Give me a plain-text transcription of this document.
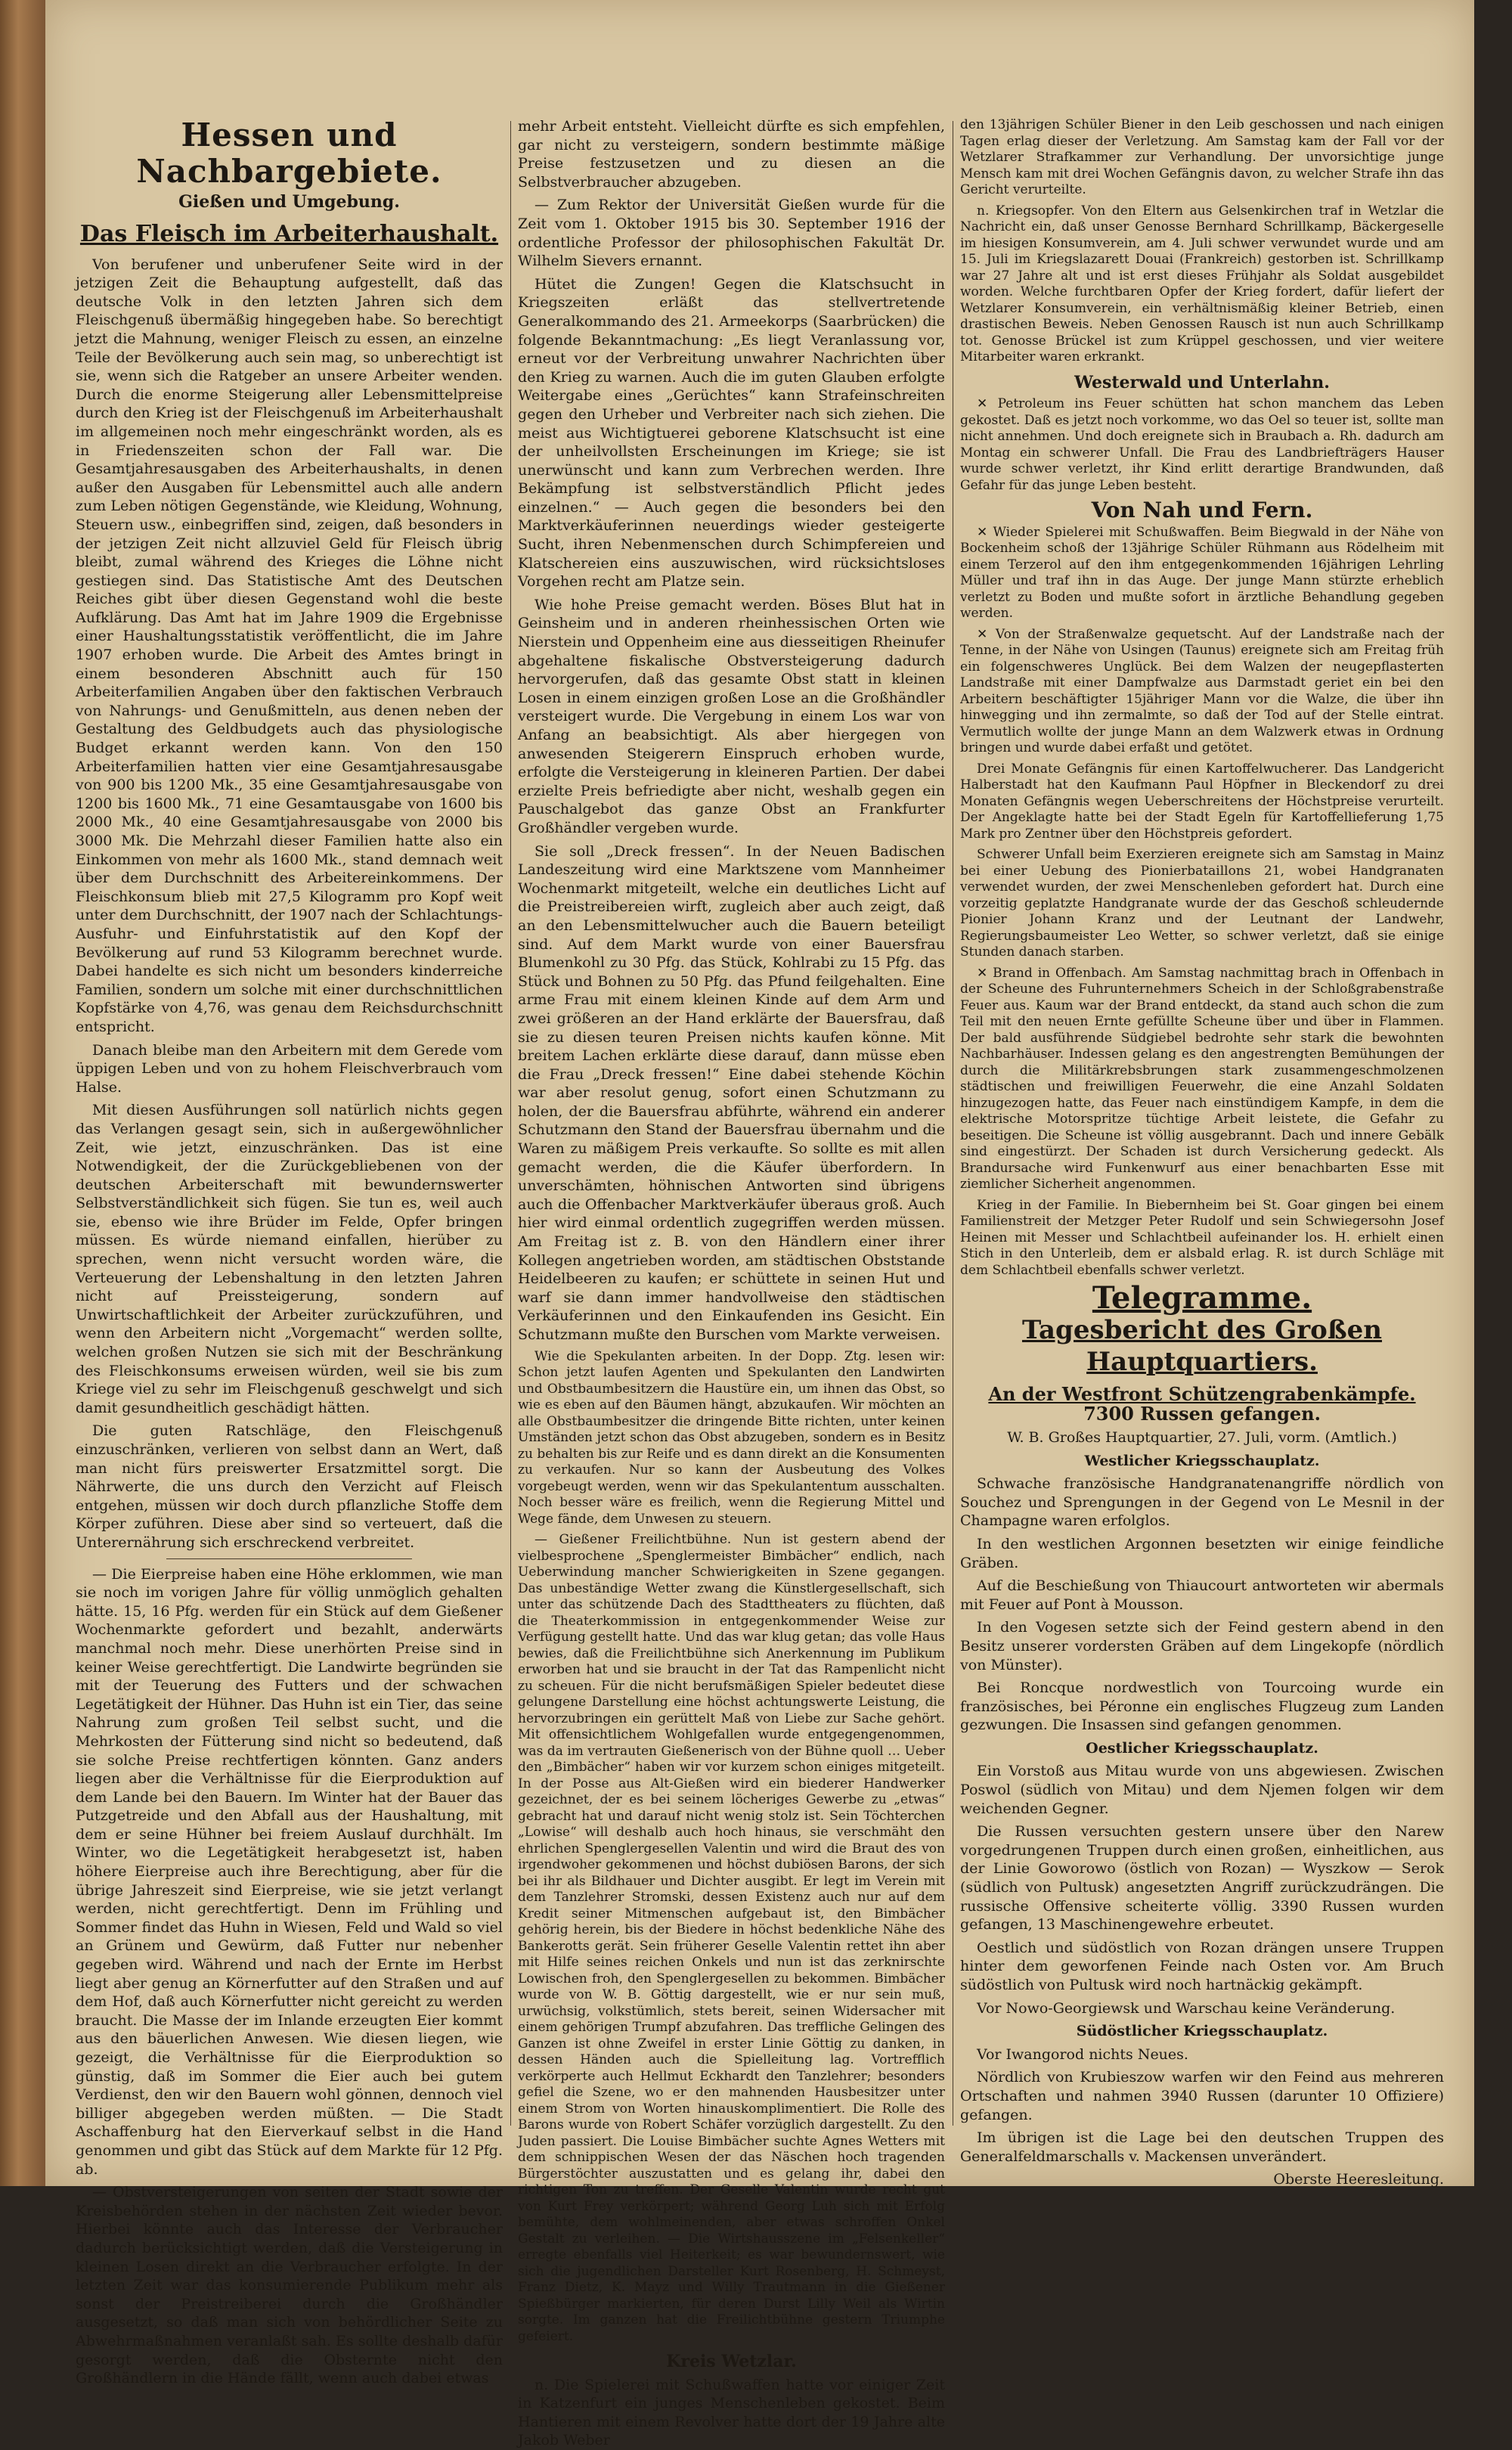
Hessen und Nachbargebiete.
Gießen und Umgebung.
Das Fleisch im Arbeiterhaushalt.

Von berufener und unberufener Seite wird in der jetzigen Zeit die Behauptung aufgestellt, daß das deutsche Volk in den letzten Jahren sich dem Fleischgenuß übermäßig hingegeben habe. So berechtigt jetzt die Mahnung, weniger Fleisch zu essen, an einzelne Teile der Bevölkerung auch sein mag, so unberechtigt ist sie, wenn sich die Ratgeber an unsere Arbeiter wenden. Durch die enorme Steigerung aller Lebensmittelpreise durch den Krieg ist der Fleischgenuß im Arbeiterhaushalt im allgemeinen noch mehr eingeschränkt worden, als es in Friedenszeiten schon der Fall war. Die Gesamtjahresausgaben des Arbeiterhaushalts, in denen außer den Ausgaben für Lebensmittel auch alle andern zum Leben nötigen Gegenstände, wie Kleidung, Wohnung, Steuern usw., einbegriffen sind, zeigen, daß besonders in der jetzigen Zeit nicht allzuviel Geld für Fleisch übrig bleibt, zumal während des Krieges die Löhne nicht gestiegen sind. Das Statistische Amt des Deutschen Reiches gibt über diesen Gegenstand wohl die beste Aufklärung. Das Amt hat im Jahre 1909 die Ergebnisse einer Haushaltungsstatistik veröffentlicht, die im Jahre 1907 erhoben wurde. Die Arbeit des Amtes bringt in einem besonderen Abschnitt auch für 150 Arbeiterfamilien Angaben über den faktischen Verbrauch von Nahrungs- und Genußmitteln, aus denen neben der Gestaltung des Geldbudgets auch das physiologische Budget erkannt werden kann. Von den 150 Arbeiterfamilien hatten vier eine Gesamtjahresausgabe von 900 bis 1200 Mk., 35 eine Gesamtjahresausgabe von 1200 bis 1600 Mk., 71 eine Gesamtausgabe von 1600 bis 2000 Mk., 40 eine Gesamtjahresausgabe von 2000 bis 3000 Mk. Die Mehrzahl dieser Familien hatte also ein Einkommen von mehr als 1600 Mk., stand demnach weit über dem Durchschnitt des Arbeitereinkommens. Der Fleischkonsum blieb mit 27,5 Kilogramm pro Kopf weit unter dem Durchschnitt, der 1907 nach der Schlachtungs-Ausfuhr- und Einfuhrstatistik auf den Kopf der Bevölkerung auf rund 53 Kilogramm berechnet wurde. Dabei handelte es sich nicht um besonders kinderreiche Familien, sondern um solche mit einer durchschnittlichen Kopfstärke von 4,76, was genau dem Reichsdurchschnitt entspricht.

Danach bleibe man den Arbeitern mit dem Gerede vom üppigen Leben und von zu hohem Fleischverbrauch vom Halse.

Mit diesen Ausführungen soll natürlich nichts gegen das Verlangen gesagt sein, sich in außergewöhnlicher Zeit, wie jetzt, einzuschränken. Das ist eine Notwendigkeit, der die Zurückgebliebenen von der deutschen Arbeiterschaft mit bewundernswerter Selbstverständlichkeit sich fügen. Sie tun es, weil auch sie, ebenso wie ihre Brüder im Felde, Opfer bringen müssen. Es würde niemand einfallen, hierüber zu sprechen, wenn nicht versucht worden wäre, die Verteuerung der Lebenshaltung in den letzten Jahren nicht auf Preissteigerung, sondern auf Unwirtschaftlichkeit der Arbeiter zurückzuführen, und wenn den Arbeitern nicht „Vorgemacht“ werden sollte, welchen großen Nutzen sie sich mit der Beschränkung des Fleischkonsums erweisen würden, weil sie bis zum Kriege viel zu sehr im Fleischgenuß geschwelgt und sich damit gesundheitlich geschädigt hätten.

Die guten Ratschläge, den Fleischgenuß einzuschränken, verlieren von selbst dann an Wert, daß man nicht fürs preiswerter Ersatzmittel sorgt. Die Nährwerte, die uns durch den Verzicht auf Fleisch entgehen, müssen wir doch durch pflanzliche Stoffe dem Körper zuführen. Diese aber sind so verteuert, daß die Unterernährung sich erschreckend verbreitet.

— Die Eierpreise haben eine Höhe erklommen, wie man sie noch im vorigen Jahre für völlig unmöglich gehalten hätte. 15, 16 Pfg. werden für ein Stück auf dem Gießener Wochenmarkte gefordert und bezahlt, anderwärts manchmal noch mehr. Diese unerhörten Preise sind in keiner Weise gerechtfertigt. Die Landwirte begründen sie mit der Teuerung des Futters und der schwachen Legetätigkeit der Hühner. Das Huhn ist ein Tier, das seine Nahrung zum großen Teil selbst sucht, und die Mehrkosten der Fütterung sind nicht so bedeutend, daß sie solche Preise rechtfertigen könnten. Ganz anders liegen aber die Verhältnisse für die Eierproduktion auf dem Lande bei den Bauern. Im Winter hat der Bauer das Putzgetreide und den Abfall aus der Haushaltung, mit dem er seine Hühner bei freiem Auslauf durchhält. Im Winter, wo die Legetätigkeit herabgesetzt ist, haben höhere Eierpreise auch ihre Berechtigung, aber für die übrige Jahreszeit sind Eierpreise, wie sie jetzt verlangt werden, nicht gerechtfertigt. Denn im Frühling und Sommer findet das Huhn in Wiesen, Feld und Wald so viel an Grünem und Gewürm, daß Futter nur nebenher gegeben wird. Während und nach der Ernte im Herbst liegt aber genug an Körnerfutter auf den Straßen und auf dem Hof, daß auch Körnerfutter nicht gereicht zu werden braucht. Die Masse der im Inlande erzeugten Eier kommt aus den bäuerlichen Anwesen. Wie diesen liegen, wie gezeigt, die Verhältnisse für die Eierproduktion so günstig, daß im Sommer die Eier auch bei gutem Verdienst, den wir den Bauern wohl gönnen, dennoch viel billiger abgegeben werden müßten. — Die Stadt Aschaffenburg hat den Eierverkauf selbst in die Hand genommen und gibt das Stück auf dem Markte für 12 Pfg. ab.

— Obstversteigerungen von seiten der Stadt sowie der Kreisbehörden stehen in der nächsten Zeit wieder bevor. Hierbei könnte auch das Interesse der Verbraucher dadurch berücksichtigt werden, daß die Versteigerung in kleinen Losen direkt an die Verbraucher erfolgte. In der letzten Zeit war das konsumierende Publikum mehr als sonst der Preistreiberei durch die Großhändler ausgesetzt, so daß man sich von behördlicher Seite zu Abwehrmaßnahmen veranlaßt sah. Es sollte deshalb dafür gesorgt werden, daß die Obsternte nicht den Großhändlern in die Hände fällt, wenn auch dabei etwas

mehr Arbeit entsteht. Vielleicht dürfte es sich empfehlen, gar nicht zu versteigern, sondern bestimmte mäßige Preise festzusetzen und zu diesen an die Selbstverbraucher abzugeben.

— Zum Rektor der Universität Gießen wurde für die Zeit vom 1. Oktober 1915 bis 30. September 1916 der ordentliche Professor der philosophischen Fakultät Dr. Wilhelm Sievers ernannt.

Hütet die Zungen! Gegen die Klatschsucht in Kriegszeiten erläßt das stellvertretende Generalkommando des 21. Armeekorps (Saarbrücken) die folgende Bekanntmachung: „Es liegt Veranlassung vor, erneut vor der Verbreitung unwahrer Nachrichten über den Krieg zu warnen. Auch die im guten Glauben erfolgte Weitergabe eines „Gerüchtes“ kann Strafeinschreiten gegen den Urheber und Verbreiter nach sich ziehen. Die meist aus Wichtigtuerei geborene Klatschsucht ist eine der unheilvollsten Erscheinungen im Kriege; sie ist unerwünscht und kann zum Verbrechen werden. Ihre Bekämpfung ist selbstverständlich Pflicht jedes einzelnen.“ — Auch gegen die besonders bei den Marktverkäuferinnen neuerdings wieder gesteigerte Sucht, ihren Nebenmenschen durch Schimpfereien und Klatschereien eins auszuwischen, wird rücksichtsloses Vorgehen recht am Platze sein.

Wie hohe Preise gemacht werden. Böses Blut hat in Geinsheim und in anderen rheinhessischen Orten wie Nierstein und Oppenheim eine aus diesseitigen Rheinufer abgehaltene fiskalische Obstversteigerung dadurch hervorgerufen, daß das gesamte Obst statt in kleinen Losen in einem einzigen großen Lose an die Großhändler versteigert wurde. Die Vergebung in einem Los war von Anfang an beabsichtigt. Als aber hiergegen von anwesenden Steigerern Einspruch erhoben wurde, erfolgte die Versteigerung in kleineren Partien. Der dabei erzielte Preis befriedigte aber nicht, weshalb gegen ein Pauschalgebot das ganze Obst an Frankfurter Großhändler vergeben wurde.

Sie soll „Dreck fressen“. In der Neuen Badischen Landeszeitung wird eine Marktszene vom Mannheimer Wochenmarkt mitgeteilt, welche ein deutliches Licht auf die Preistreibereien wirft, zugleich aber auch zeigt, daß an den Lebensmittelwucher auch die Bauern beteiligt sind. Auf dem Markt wurde von einer Bauersfrau Blumenkohl zu 30 Pfg. das Stück, Kohlrabi zu 15 Pfg. das Stück und Bohnen zu 50 Pfg. das Pfund feilgehalten. Eine arme Frau mit einem kleinen Kinde auf dem Arm und zwei größeren an der Hand erklärte der Bauersfrau, daß sie zu diesen teuren Preisen nichts kaufen könne. Mit breitem Lachen erklärte diese darauf, dann müsse eben die Frau „Dreck fressen!“ Eine dabei stehende Köchin war aber resolut genug, sofort einen Schutzmann zu holen, der die Bauersfrau abführte, während ein anderer Schutzmann den Stand der Bauersfrau übernahm und die Waren zu mäßigem Preis verkaufte. So sollte es mit allen gemacht werden, die die Käufer überfordern. In unverschämten, höhnischen Antworten sind übrigens auch die Offenbacher Marktverkäufer überaus groß. Auch hier wird einmal ordentlich zugegriffen werden müssen. Am Freitag ist z. B. von den Händlern einer ihrer Kollegen angetrieben worden, am städtischen Obststande Heidelbeeren zu kaufen; er schüttete in seinen Hut und warf sie dann immer handvollweise den städtischen Verkäuferinnen und den Einkaufenden ins Gesicht. Ein Schutzmann mußte den Burschen vom Markte verweisen.

Wie die Spekulanten arbeiten. In der Dopp. Ztg. lesen wir: Schon jetzt laufen Agenten und Spekulanten den Landwirten und Obstbaumbesitzern die Haustüre ein, um ihnen das Obst, so wie es eben auf den Bäumen hängt, abzukaufen. Wir möchten an alle Obstbaumbesitzer die dringende Bitte richten, unter keinen Umständen jetzt schon das Obst abzugeben, sondern es in Besitz zu behalten bis zur Reife und es dann direkt an die Konsumenten zu verkaufen. Nur so kann der Ausbeutung des Volkes vorgebeugt werden, wenn wir das Spekulantentum ausschalten. Noch besser wäre es freilich, wenn die Regierung Mittel und Wege fände, dem Unwesen zu steuern.

— Gießener Freilichtbühne. Nun ist gestern abend der vielbesprochene „Spenglermeister Bimbächer“ endlich, nach Ueberwindung mancher Schwierigkeiten in Szene gegangen. Das unbeständige Wetter zwang die Künstlergesellschaft, sich unter das schützende Dach des Stadttheaters zu flüchten, daß die Theaterkommission in entgegenkommender Weise zur Verfügung gestellt hatte. Und das war klug getan; das volle Haus bewies, daß die Freilichtbühne sich Anerkennung im Publikum erworben hat und sie braucht in der Tat das Rampenlicht nicht zu scheuen. Für die nicht berufsmäßigen Spieler bedeutet diese gelungene Darstellung eine höchst achtungswerte Leistung, die hervorzubringen ein gerüttelt Maß von Liebe zur Sache gehört. Mit offensichtlichem Wohlgefallen wurde entgegengenommen, was da im vertrauten Gießenerisch von der Bühne quoll … Ueber den „Bimbächer“ haben wir vor kurzem schon einiges mitgeteilt. In der Posse aus Alt-Gießen wird ein biederer Handwerker gezeichnet, der es bei seinem löcheriges Gewerbe zu „etwas“ gebracht hat und darauf nicht wenig stolz ist. Sein Töchterchen „Lowise“ will deshalb auch hoch hinaus, sie verschmäht den ehrlichen Spenglergesellen Valentin und wird die Braut des von irgendwoher gekommenen und höchst dubiösen Barons, der sich bei ihr als Bildhauer und Dichter ausgibt. Er legt im Verein mit dem Tanzlehrer Stromski, dessen Existenz auch nur auf dem Kredit seiner Mitmenschen aufgebaut ist, den Bimbächer gehörig herein, bis der Biedere in höchst bedenkliche Nähe des Bankerotts gerät. Sein früherer Geselle Valentin rettet ihn aber mit Hilfe seines reichen Onkels und nun ist das zerknirschte Lowischen froh, den Spenglergesellen zu bekommen. Bimbächer wurde von W. B. Göttig dargestellt, wie er nur sein muß, urwüchsig, volkstümlich, stets bereit, seinen Widersacher mit einem gehörigen Trumpf abzufahren. Das treffliche Gelingen des Ganzen ist ohne Zweifel in erster Linie Göttig zu danken, in dessen Händen auch die Spielleitung lag. Vortrefflich verkörperte auch Hellmut Eckhardt den Tanzlehrer; besonders gefiel die Szene, wo er den mahnenden Hausbesitzer unter einem Strom von Worten hinauskomplimentiert. Die Rolle des Barons wurde von Robert Schäfer vorzüglich dargestellt. Zu den Juden passiert. Die Louise Bimbächer suchte Agnes Wetters mit dem schnippischen Wesen der das Näschen hoch tragenden Bürgerstöchter auszustatten und es gelang ihr, dabei den richtigen Ton zu treffen. Der Geselle Valentin wurde recht gut von Kurt Frey verkörpert; während Georg Luh sich mit Erfolg bemühte, dem wohlmeinenden, aber etwas schroffen Onkel Gestalt zu verleihen. — Die Wirtshausszene im „Felsenkeller“ erregte ebenfalls viel Heiterkeit; es war bewundernswert, wie sich die jugendlichen Darsteller Kurt Rosenberg, H. Schmeyst, Franz Dietz, K. Mayz und Willy Trautmann in die Gießener Spießbürger markierten, für deren Durst Lilly Weil als Wirtin sorgte. Im ganzen hat die Freilichtbühne gestern Triumphe gefeiert.

Kreis Wetzlar.

n. Die Spielerei mit Schußwaffen hatte vor einiger Zeit in Katzenfurt ein junges Menschenleben gekostet. Beim Hantieren mit einem Revolver hatte dort der 19 Jahre alte Jakob Weber

den 13jährigen Schüler Biener in den Leib geschossen und nach einigen Tagen erlag dieser der Verletzung. Am Samstag kam der Fall vor der Wetzlarer Strafkammer zur Verhandlung. Der unvorsichtige junge Mensch kam mit drei Wochen Gefängnis davon, zu welcher Strafe ihn das Gericht verurteilte.

n. Kriegsopfer. Von den Eltern aus Gelsenkirchen traf in Wetzlar die Nachricht ein, daß unser Genosse Bernhard Schrillkamp, Bäckergeselle im hiesigen Konsumverein, am 4. Juli schwer verwundet wurde und am 15. Juli im Kriegslazarett Douai (Frankreich) gestorben ist. Schrillkamp war 27 Jahre alt und ist erst dieses Frühjahr als Soldat ausgebildet worden. Welche furchtbaren Opfer der Krieg fordert, dafür liefert der Wetzlarer Konsumverein, ein verhältnismäßig kleiner Betrieb, einen drastischen Beweis. Neben Genossen Rausch ist nun auch Schrillkamp tot. Genosse Brückel ist zum Krüppel geschossen, und vier weitere Mitarbeiter waren erkrankt.

Westerwald und Unterlahn.

✕ Petroleum ins Feuer schütten hat schon manchem das Leben gekostet. Daß es jetzt noch vorkomme, wo das Oel so teuer ist, sollte man nicht annehmen. Und doch ereignete sich in Braubach a. Rh. dadurch am Montag ein schwerer Unfall. Die Frau des Landbriefträgers Hauser wurde schwer verletzt, ihr Kind erlitt derartige Brandwunden, daß Gefahr für das junge Leben besteht.

Von Nah und Fern.

✕ Wieder Spielerei mit Schußwaffen. Beim Biegwald in der Nähe von Bockenheim schoß der 13jährige Schüler Rühmann aus Rödelheim mit einem Terzerol auf den ihm entgegenkommenden 16jährigen Lehrling Müller und traf ihn in das Auge. Der junge Mann stürzte erheblich verletzt zu Boden und mußte sofort in ärztliche Behandlung gegeben werden.

✕ Von der Straßenwalze gequetscht. Auf der Landstraße nach der Tenne, in der Nähe von Usingen (Taunus) ereignete sich am Freitag früh ein folgenschweres Unglück. Bei dem Walzen der neugepflasterten Landstraße mit einer Dampfwalze aus Darmstadt geriet ein bei den Arbeitern beschäftigter 15jähriger Mann vor die Walze, die über ihn hinwegging und ihn zermalmte, so daß der Tod auf der Stelle eintrat. Vermutlich wollte der junge Mann an dem Walzwerk etwas in Ordnung bringen und wurde dabei erfaßt und getötet.

Drei Monate Gefängnis für einen Kartoffelwucherer. Das Landgericht Halberstadt hat den Kaufmann Paul Höpfner in Bleckendorf zu drei Monaten Gefängnis wegen Ueberschreitens der Höchstpreise verurteilt. Der Angeklagte hatte bei der Stadt Egeln für Kartoffellieferung 1,75 Mark pro Zentner über den Höchstpreis gefordert.

Schwerer Unfall beim Exerzieren ereignete sich am Samstag in Mainz bei einer Uebung des Pionierbataillons 21, wobei Handgranaten verwendet wurden, der zwei Menschenleben gefordert hat. Durch eine vorzeitig geplatzte Handgranate wurde der das Geschoß schleudernde Pionier Johann Kranz und der Leutnant der Landwehr, Regierungsbaumeister Leo Wetter, so schwer verletzt, daß sie einige Stunden danach starben.

✕ Brand in Offenbach. Am Samstag nachmittag brach in Offenbach in der Scheune des Fuhrunternehmers Scheich in der Schloßgrabenstraße Feuer aus. Kaum war der Brand entdeckt, da stand auch schon die zum Teil mit den neuen Ernte gefüllte Scheune über und über in Flammen. Der bald ausführende Südgiebel bedrohte sehr stark die bewohnten Nachbarhäuser. Indessen gelang es den angestrengten Bemühungen der durch die Militärkrebsbrungen stark zusammengeschmolzenen städtischen und freiwilligen Feuerwehr, die eine Anzahl Soldaten hinzugezogen hatte, das Feuer nach einstündigem Kampfe, in dem die elektrische Motorspritze tüchtige Arbeit leistete, die Gefahr zu beseitigen. Die Scheune ist völlig ausgebrannt. Dach und innere Gebälk sind eingestürzt. Der Schaden ist durch Versicherung gedeckt. Als Brandursache wird Funkenwurf aus einer benachbarten Esse mit ziemlicher Sicherheit angenommen.

Krieg in der Familie. In Biebernheim bei St. Goar gingen bei einem Familienstreit der Metzger Peter Rudolf und sein Schwiegersohn Josef Heinen mit Messer und Schlachtbeil aufeinander los. H. erhielt einen Stich in den Unterleib, dem er alsbald erlag. R. ist durch Schläge mit dem Schlachtbeil ebenfalls schwer verletzt.

Telegramme.
Tagesbericht des Großen Hauptquartiers.
An der Westfront Schützengrabenkämpfe.
7300 Russen gefangen.

W. B. Großes Hauptquartier, 27. Juli, vorm. (Amtlich.)

Westlicher Kriegsschauplatz.

Schwache französische Handgranatenangriffe nördlich von Souchez und Sprengungen in der Gegend von Le Mesnil in der Champagne waren erfolglos.

In den westlichen Argonnen besetzten wir einige feindliche Gräben.

Auf die Beschießung von Thiaucourt antworteten wir abermals mit Feuer auf Pont à Mousson.

In den Vogesen setzte sich der Feind gestern abend in den Besitz unserer vordersten Gräben auf dem Lingekopfe (nördlich von Münster).

Bei Roncque nordwestlich von Tourcoing wurde ein französisches, bei Péronne ein englisches Flugzeug zum Landen gezwungen. Die Insassen sind gefangen genommen.

Oestlicher Kriegsschauplatz.

Ein Vorstoß aus Mitau wurde von uns abgewiesen. Zwischen Poswol (südlich von Mitau) und dem Njemen folgen wir dem weichenden Gegner.

Die Russen versuchten gestern unsere über den Narew vorgedrungenen Truppen durch einen großen, einheitlichen, aus der Linie Goworowo (östlich von Rozan) — Wyszkow — Serok (südlich von Pultusk) angesetzten Angriff zurückzudrängen. Die russische Offensive scheiterte völlig. 3390 Russen wurden gefangen, 13 Maschinengewehre erbeutet.

Oestlich und südöstlich von Rozan drängen unsere Truppen hinter dem geworfenen Feinde nach Osten vor. Am Bruch südöstlich von Pultusk wird noch hartnäckig gekämpft.

Vor Nowo-Georgiewsk und Warschau keine Veränderung.

Südöstlicher Kriegsschauplatz.

Vor Iwangorod nichts Neues.

Nördlich von Krubieszow warfen wir den Feind aus mehreren Ortschaften und nahmen 3940 Russen (darunter 10 Offiziere) gefangen.

Im übrigen ist die Lage bei den deutschen Truppen des Generalfeldmarschalls v. Mackensen unverändert.

Oberste Heeresleitung.
